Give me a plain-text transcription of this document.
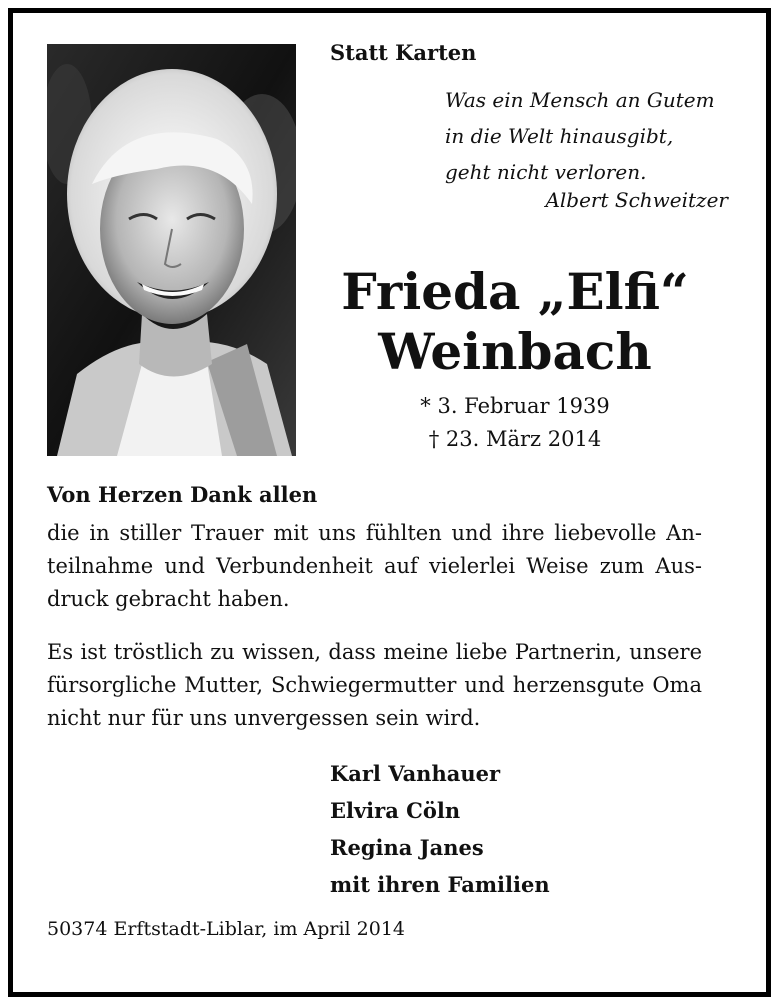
Statt Karten
Was ein Mensch an Gutem
in die Welt hinausgibt,
geht nicht verloren.
Albert Schweitzer
Frieda „Elfi“
Weinbach
* 3. Februar 1939
† 23. März 2014
Von Herzen Dank allen
die in stiller Trauer mit uns fühlten und ihre liebevolle Anteilnahme und Verbundenheit auf vielerlei Weise zum Ausdruck gebracht haben.
Es ist tröstlich zu wissen, dass meine liebe Partnerin, unsere fürsorgliche Mutter, Schwiegermutter und herzensgute Oma nicht nur für uns unvergessen sein wird.
Karl Vanhauer
Elvira Cöln
Regina Janes
mit ihren Familien
50374 Erftstadt-Liblar, im April 2014
